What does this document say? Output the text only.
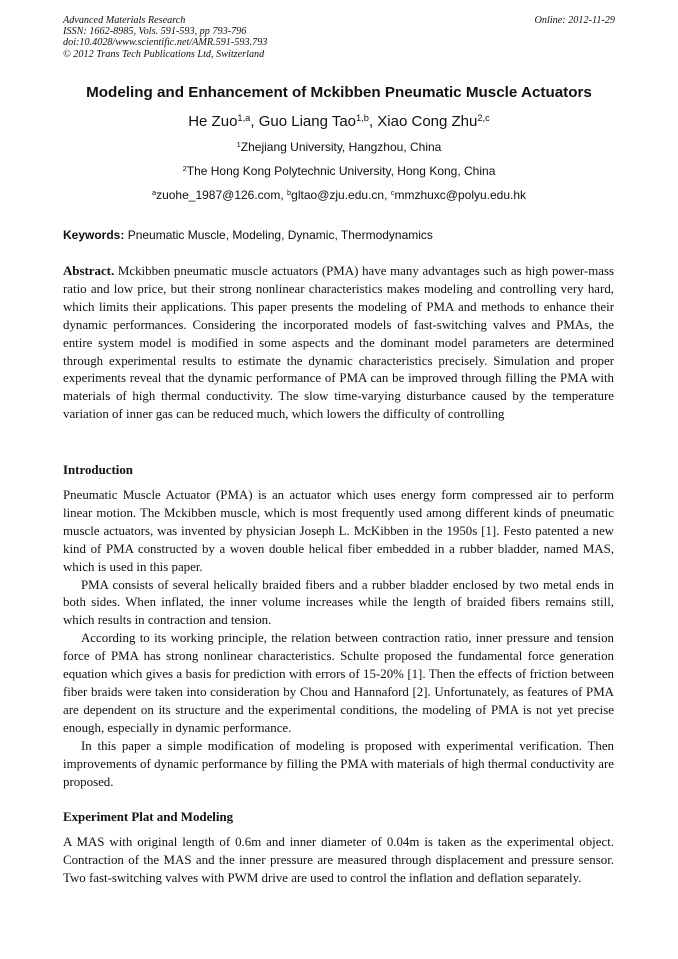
Advanced Materials Research
ISSN: 1662-8985, Vols. 591-593, pp 793-796
doi:10.4028/www.scientific.net/AMR.591-593.793
© 2012 Trans Tech Publications Ltd, Switzerland
Online: 2012-11-29
Modeling and Enhancement of Mckibben Pneumatic Muscle Actuators
He Zuo$^{1,a}$, Guo Liang Tao$^{1,b}$, Xiao Cong Zhu$^{2,c}$
$^1$Zhejiang University, Hangzhou, China
$^2$The Hong Kong Polytechnic University, Hong Kong, China
$^a$zuohe_1987@126.com, $^b$gltao@zju.edu.cn, $^c$mmzhuxc@polyu.edu.hk
Keywords: Pneumatic Muscle, Modeling, Dynamic, Thermodynamics
Abstract. Mckibben pneumatic muscle actuators (PMA) have many advantages such as high power-mass ratio and low price, but their strong nonlinear characteristics makes modeling and controlling very hard, which limits their applications. This paper presents the modeling of PMA and methods to enhance their dynamic performances. Considering the incorporated models of fast-switching valves and PMAs, the entire system model is modified in some aspects and the dominant model parameters are determined through experimental results to estimate the dynamic characteristics precisely. Simulation and proper experiments reveal that the dynamic performance of PMA can be improved through filling the PMA with materials of high thermal conductivity. The slow time-varying disturbance caused by the temperature variation of inner gas can be reduced much, which lowers the difficulty of controlling
Introduction
Pneumatic Muscle Actuator (PMA) is an actuator which uses energy form compressed air to perform linear motion. The Mckibben muscle, which is most frequently used among different kinds of pneumatic muscle actuators, was invented by physician Joseph L. McKibben in the 1950s [1]. Festo patented a new kind of PMA constructed by a woven double helical fiber embedded in a rubber bladder, named MAS, which is used in this paper.
PMA consists of several helically braided fibers and a rubber bladder enclosed by two metal ends in both sides. When inflated, the inner volume increases while the length of braided fibers remains still, which results in contraction and tension.
According to its working principle, the relation between contraction ratio, inner pressure and tension force of PMA has strong nonlinear characteristics. Schulte proposed the fundamental force generation equation which gives a basis for prediction with errors of 15-20% [1]. Then the effects of friction between fiber braids were taken into consideration by Chou and Hannaford [2]. Unfortunately, as features of PMA are dependent on its structure and the experimental conditions, the modeling of PMA is not yet precise enough, especially in dynamic performance.
In this paper a simple modification of modeling is proposed with experimental verification. Then improvements of dynamic performance by filling the PMA with materials of high thermal conductivity are proposed.
Experiment Plat and Modeling
A MAS with original length of 0.6m and inner diameter of 0.04m is taken as the experimental object. Contraction of the MAS and the inner pressure are measured through displacement and pressure sensor. Two fast-switching valves with PWM drive are used to control the inflation and deflation separately.
